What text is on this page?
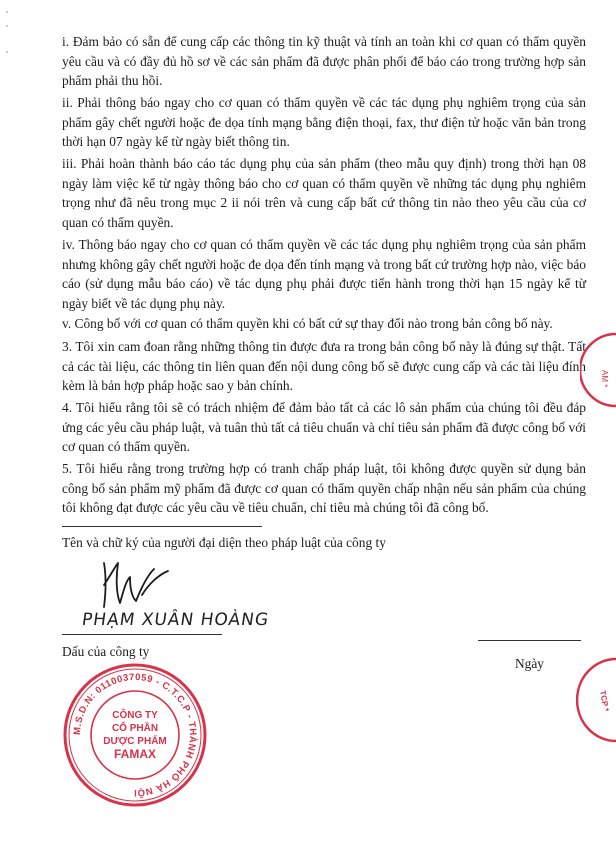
i. Đảm bảo có sẵn để cung cấp các thông tin kỹ thuật và tính an toàn khi cơ quan có thẩm quyền yêu cầu và có đầy đủ hồ sơ về các sản phẩm đã được phân phối để báo cáo trong trường hợp sản phẩm phải thu hồi.

ii. Phải thông báo ngay cho cơ quan có thẩm quyền về các tác dụng phụ nghiêm trọng của sản phẩm gây chết người hoặc đe dọa tính mạng bằng điện thoại, fax, thư điện tử hoặc văn bản trong thời hạn 07 ngày kể từ ngày biết thông tin.

iii. Phải hoàn thành báo cáo tác dụng phụ của sản phẩm (theo mẫu quy định) trong thời hạn 08 ngày làm việc kể từ ngày thông báo cho cơ quan có thẩm quyền về những tác dụng phụ nghiêm trọng như đã nêu trong mục 2 ii nói trên và cung cấp bất cứ thông tin nào theo yêu cầu của cơ quan có thẩm quyền.

iv. Thông báo ngay cho cơ quan có thẩm quyền về các tác dụng phụ nghiêm trọng của sản phẩm nhưng không gây chết người hoặc đe dọa đến tính mạng và trong bất cứ trường hợp nào, việc báo cáo (sử dụng mẫu báo cáo) về tác dụng phụ phải được tiến hành trong thời hạn 15 ngày kể từ ngày biết về tác dụng phụ này.

v. Công bố với cơ quan có thẩm quyền khi có bất cứ sự thay đổi nào trong bản công bố này.

3. Tôi xin cam đoan rằng những thông tin được đưa ra trong bản công bố này là đúng sự thật. Tất cả các tài liệu, các thông tin liên quan đến nội dung công bố sẽ được cung cấp và các tài liệu đính kèm là bản hợp pháp hoặc sao y bản chính.

4. Tôi hiểu rằng tôi sẽ có trách nhiệm để đảm bảo tất cả các lô sản phẩm của chúng tôi đều đáp ứng các yêu cầu pháp luật, và tuân thủ tất cả tiêu chuẩn và chỉ tiêu sản phẩm đã được công bố với cơ quan có thẩm quyền.

5. Tôi hiểu rằng trong trường hợp có tranh chấp pháp luật, tôi không được quyền sử dụng bản công bố sản phẩm mỹ phẩm đã được cơ quan có thẩm quyền chấp nhận nếu sản phẩm của chúng tôi không đạt được các yêu cầu về tiêu chuẩn, chỉ tiêu mà chúng tôi đã công bố.

Tên và chữ ký của người đại diện theo pháp luật của công ty

PHẠM XUÂN HOÀNG

Dấu của công ty

Ngày

M.S.D.N: 0110037059 - C.T.C.P - THÀNH PHỐ HÀ NỘI
CÔNG TY
CỔ PHẦN
DƯỢC PHẨM
FAMAX
AM *
TCP *
